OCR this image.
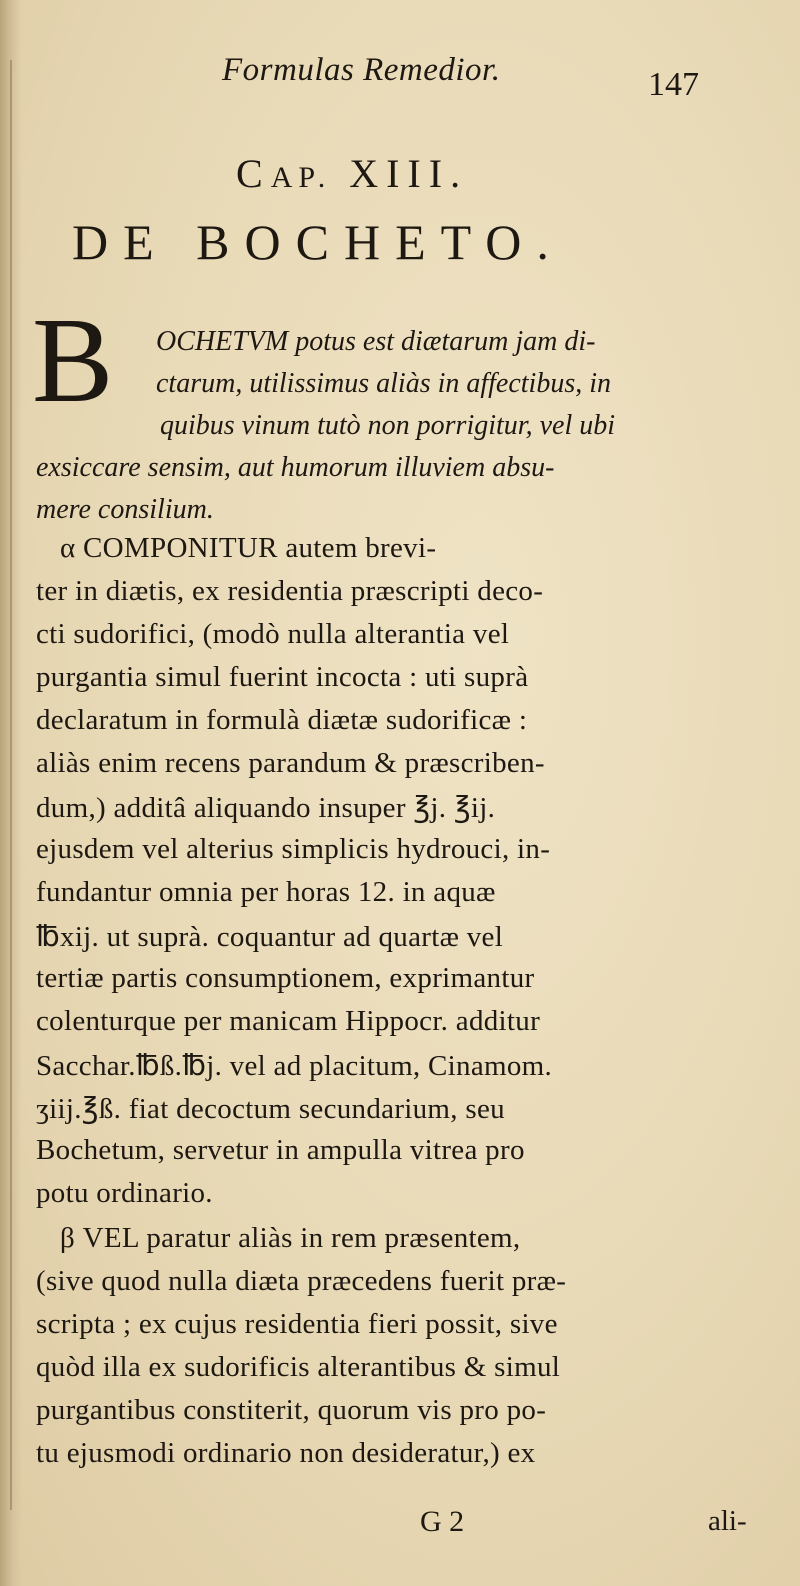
Formulas Remedior.	147
CAP. XIII.
DE BOCHETO.
B OCHETVM potus est diætarum jam di-
ctarum, utilissimus aliàs in affectibus, in
quibus vinum tutò non porrigitur, vel ubi
exsiccare sensim, aut humorum illuviem absu-
mere consilium.
α COMPONITUR autem brevi-
ter in diætis, ex residentia præscripti deco-
cti sudorifici, (modò nulla alterantia vel
purgantia simul fuerint incocta : uti suprà
declaratum in formulà diætæ sudorificæ :
aliàs enim recens parandum & præscriben-
dum,) additâ aliquando insuper ℥j. ℥ij.
ejusdem vel alterius simplicis hydrouci, in-
fundantur omnia per horas 12. in aquæ
℔xij. ut suprà. coquantur ad quartæ vel
tertiæ partis consumptionem, exprimantur
colenturque per manicam Hippocr. additur
Sacchar.℔ß.℔j. vel ad placitum, Cinamom.
ʒiij.℥ß. fiat decoctum secundarium, seu
Bochetum, servetur in ampulla vitrea pro
potu ordinario.
β VEL paratur aliàs in rem præsentem,
(sive quod nulla diæta præcedens fuerit præ-
scripta ; ex cujus residentia fieri possit, sive
quòd illa ex sudorificis alterantibus & simul
purgantibus constiterit, quorum vis pro po-
tu ejusmodi ordinario non desideratur,) ex
G 2	ali-
